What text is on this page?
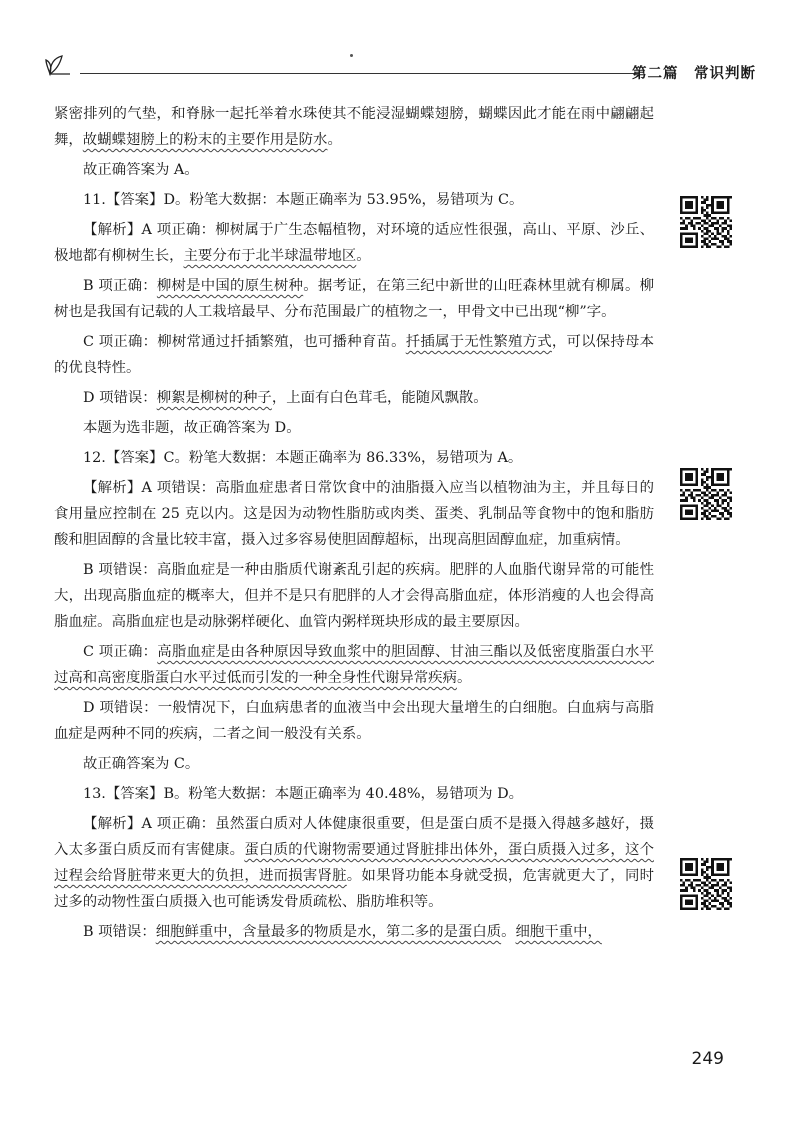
第二篇　常识判断

紧密排列的气垫，和脊脉一起托举着水珠使其不能浸湿蝴蝶翅膀，蝴蝶因此才能在雨中翩翩起舞，故蝴蝶翅膀上的粉末的主要作用是防水。

故正确答案为 A。

11.【答案】D。粉笔大数据：本题正确率为 53.95%，易错项为 C。

【解析】A 项正确：柳树属于广生态幅植物，对环境的适应性很强，高山、平原、沙丘、极地都有柳树生长，主要分布于北半球温带地区。

B 项正确：柳树是中国的原生树种。据考证，在第三纪中新世的山旺森林里就有柳属。柳树也是我国有记载的人工栽培最早、分布范围最广的植物之一，甲骨文中已出现“柳”字。

C 项正确：柳树常通过扦插繁殖，也可播种育苗。扦插属于无性繁殖方式，可以保持母本的优良特性。

D 项错误：柳絮是柳树的种子，上面有白色茸毛，能随风飘散。

本题为选非题，故正确答案为 D。

12.【答案】C。粉笔大数据：本题正确率为 86.33%，易错项为 A。

【解析】A 项错误：高脂血症患者日常饮食中的油脂摄入应当以植物油为主，并且每日的食用量应控制在 25 克以内。这是因为动物性脂肪或肉类、蛋类、乳制品等食物中的饱和脂肪酸和胆固醇的含量比较丰富，摄入过多容易使胆固醇超标，出现高胆固醇血症，加重病情。

B 项错误：高脂血症是一种由脂质代谢紊乱引起的疾病。肥胖的人血脂代谢异常的可能性大，出现高脂血症的概率大，但并不是只有肥胖的人才会得高脂血症，体形消瘦的人也会得高脂血症。高脂血症也是动脉粥样硬化、血管内粥样斑块形成的最主要原因。

C 项正确：高脂血症是由各种原因导致血浆中的胆固醇、甘油三酯以及低密度脂蛋白水平过高和高密度脂蛋白水平过低而引发的一种全身性代谢异常疾病。

D 项错误：一般情况下，白血病患者的血液当中会出现大量增生的白细胞。白血病与高脂血症是两种不同的疾病，二者之间一般没有关系。

故正确答案为 C。

13.【答案】B。粉笔大数据：本题正确率为 40.48%，易错项为 D。

【解析】A 项正确：虽然蛋白质对人体健康很重要，但是蛋白质不是摄入得越多越好，摄入太多蛋白质反而有害健康。蛋白质的代谢物需要通过肾脏排出体外，蛋白质摄入过多，这个过程会给肾脏带来更大的负担，进而损害肾脏。如果肾功能本身就受损，危害就更大了，同时过多的动物性蛋白质摄入也可能诱发骨质疏松、脂肪堆积等。

B 项错误：细胞鲜重中，含量最多的物质是水，第二多的是蛋白质。细胞干重中，

249
